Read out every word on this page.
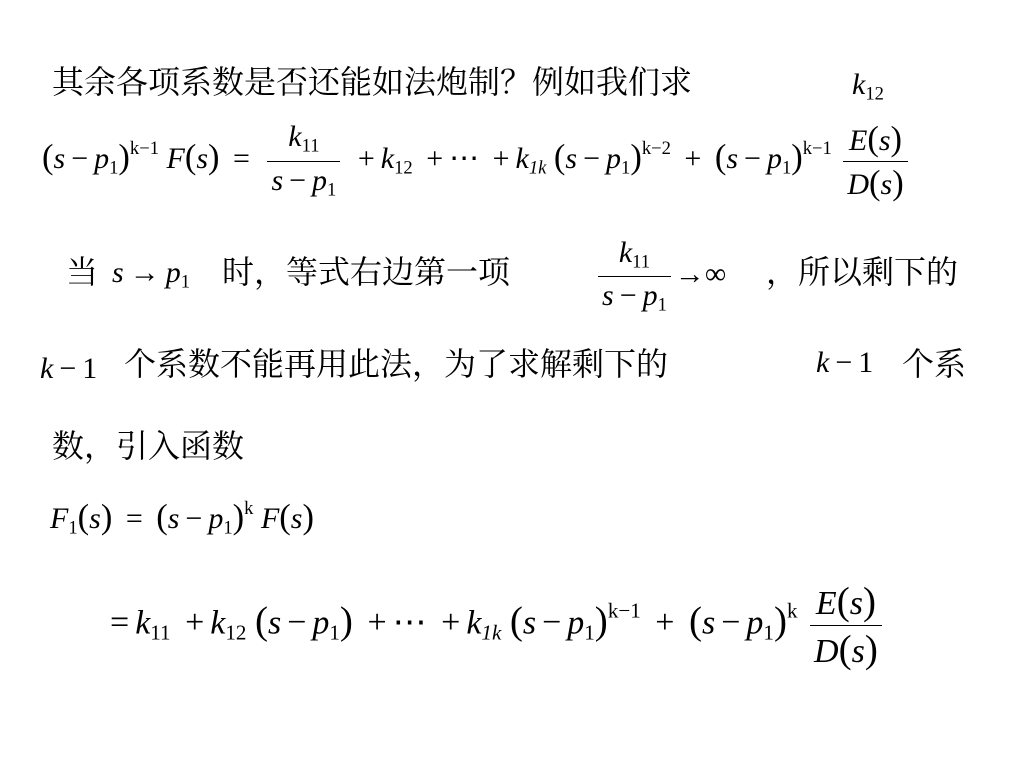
其余各项系数是否还能如法炮制？例如我们求	$k_{12}$
$(s - p_1)^{k-1}$ $F(s) = \frac{k_{11}}{s - p_1} + k_{12}$ + ⋯ + k1k $(s - p_1)^{k-2} + (s - p_1)^{k-1} \frac{E(s)}{D(s)}$
当 $s \to p_1$ 时，等式右边第一项	$\frac{k_{11}}{s - p_1}$ →∞ ，所以剩下的
k − 1 个系数不能再用此法，为了求解剩下的	k − 1 个系
数，引入函数
$F_1(s) = (s - p_1)^k$ F(s)
= $k_{11} + k_{12}$ $(s - p_1)$ + ⋯ + k1k $(s - p_1)^{k-1} + (s - p_1)^k \frac{E(s)}{D(s)}$
